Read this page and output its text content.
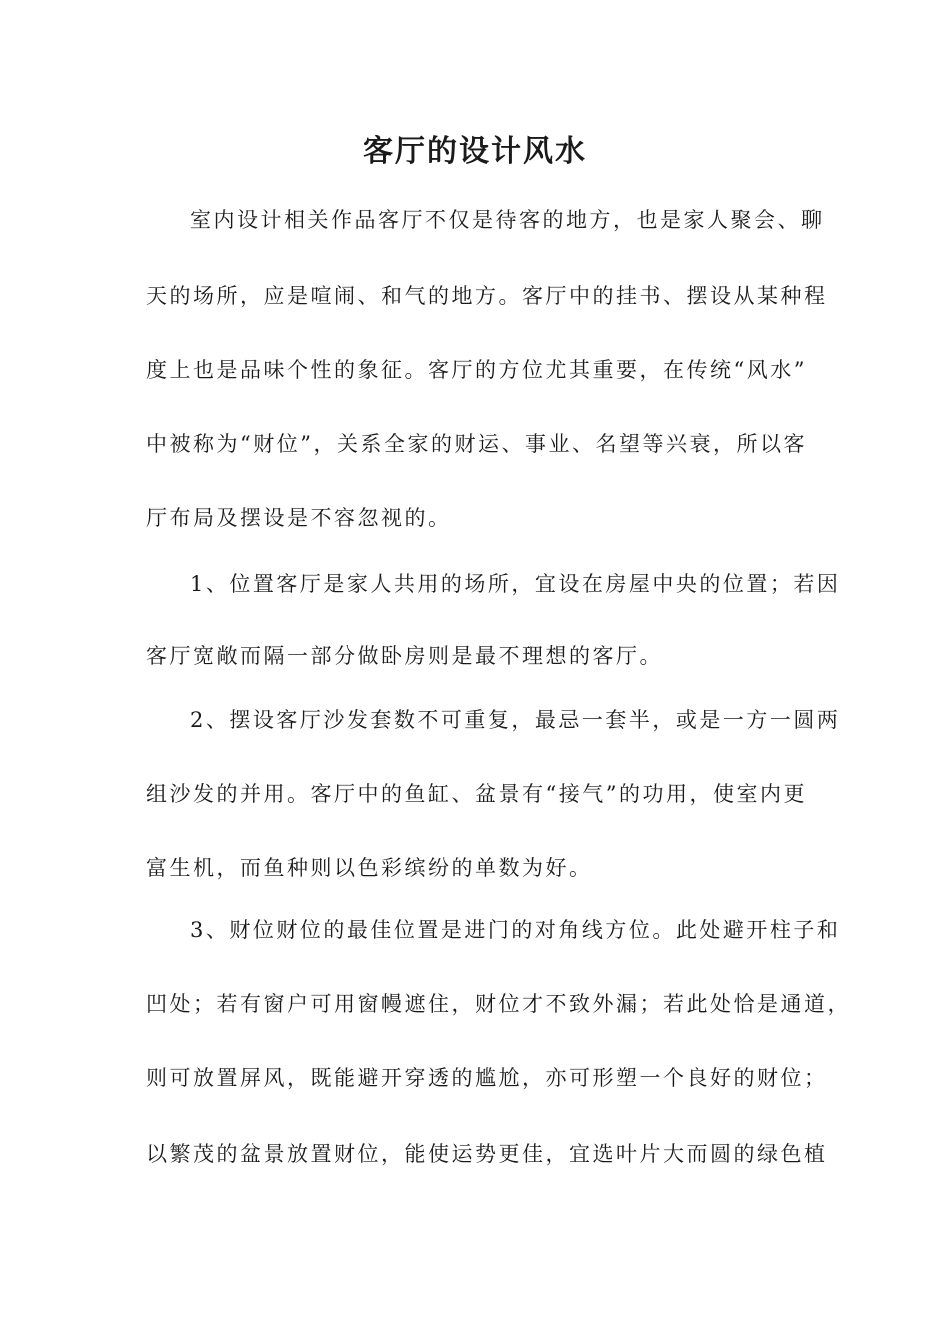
客厅的设计风水
室内设计相关作品客厅不仅是待客的地方，也是家人聚会、聊
天的场所，应是喧闹、和气的地方。客厅中的挂书、摆设从某种程
度上也是品味个性的象征。客厅的方位尤其重要，在传统“风水”
中被称为“财位”，关系全家的财运、事业、名望等兴衰，所以客
厅布局及摆设是不容忽视的。
1、位置客厅是家人共用的场所，宜设在房屋中央的位置；若因
客厅宽敞而隔一部分做卧房则是最不理想的客厅。
2、摆设客厅沙发套数不可重复，最忌一套半，或是一方一圆两
组沙发的并用。客厅中的鱼缸、盆景有“接气”的功用，使室内更
富生机，而鱼种则以色彩缤纷的单数为好。
3、财位财位的最佳位置是进门的对角线方位。此处避开柱子和
凹处；若有窗户可用窗幔遮住，财位才不致外漏；若此处恰是通道，
则可放置屏风，既能避开穿透的尴尬，亦可形塑一个良好的财位；
以繁茂的盆景放置财位，能使运势更佳，宜选叶片大而圆的绿色植
